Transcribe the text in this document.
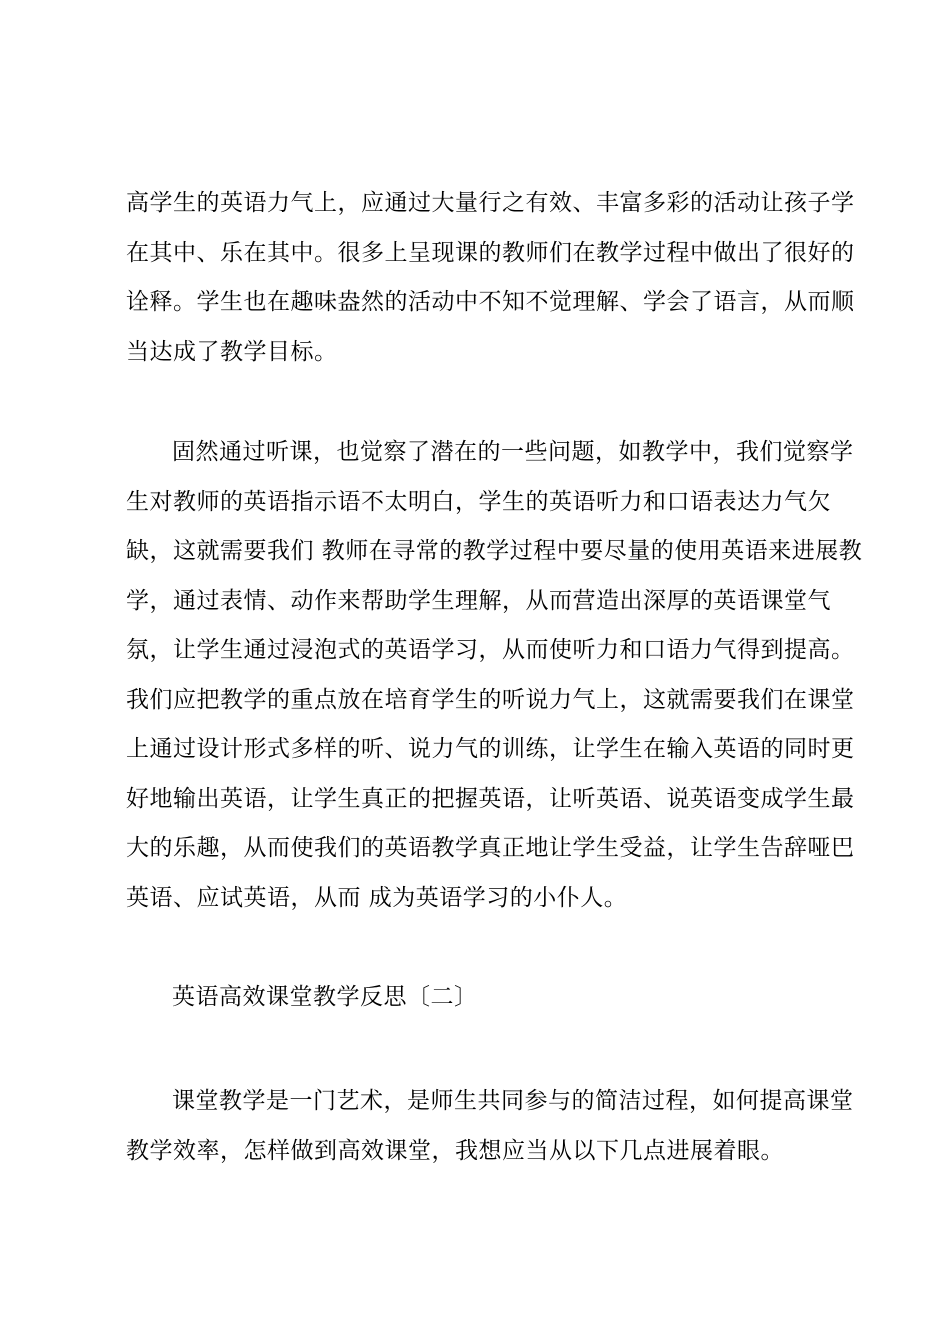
高学生的英语力气上，应通过大量行之有效、丰富多彩的活动让孩子学
在其中、乐在其中。很多上呈现课的教师们在教学过程中做出了很好的
诠释。学生也在趣味盎然的活动中不知不觉理解、学会了语言，从而顺
当达成了教学目标。
固然通过听课，也觉察了潜在的一些问题，如教学中，我们觉察学
生对教师的英语指示语不太明白，学生的英语听力和口语表达力气欠
缺，这就需要我们 教师在寻常的教学过程中要尽量的使用英语来进展教
学，通过表情、动作来帮助学生理解，从而营造出深厚的英语课堂气
氛，让学生通过浸泡式的英语学习，从而使听力和口语力气得到提高。
我们应把教学的重点放在培育学生的听说力气上，这就需要我们在课堂
上通过设计形式多样的听、说力气的训练，让学生在输入英语的同时更
好地输出英语，让学生真正的把握英语，让听英语、说英语变成学生最
大的乐趣，从而使我们的英语教学真正地让学生受益，让学生告辞哑巴
英语、应试英语，从而 成为英语学习的小仆人。
英语高效课堂教学反思〔二〕
课堂教学是一门艺术，是师生共同参与的简洁过程，如何提高课堂
教学效率，怎样做到高效课堂，我想应当从以下几点进展着眼。
